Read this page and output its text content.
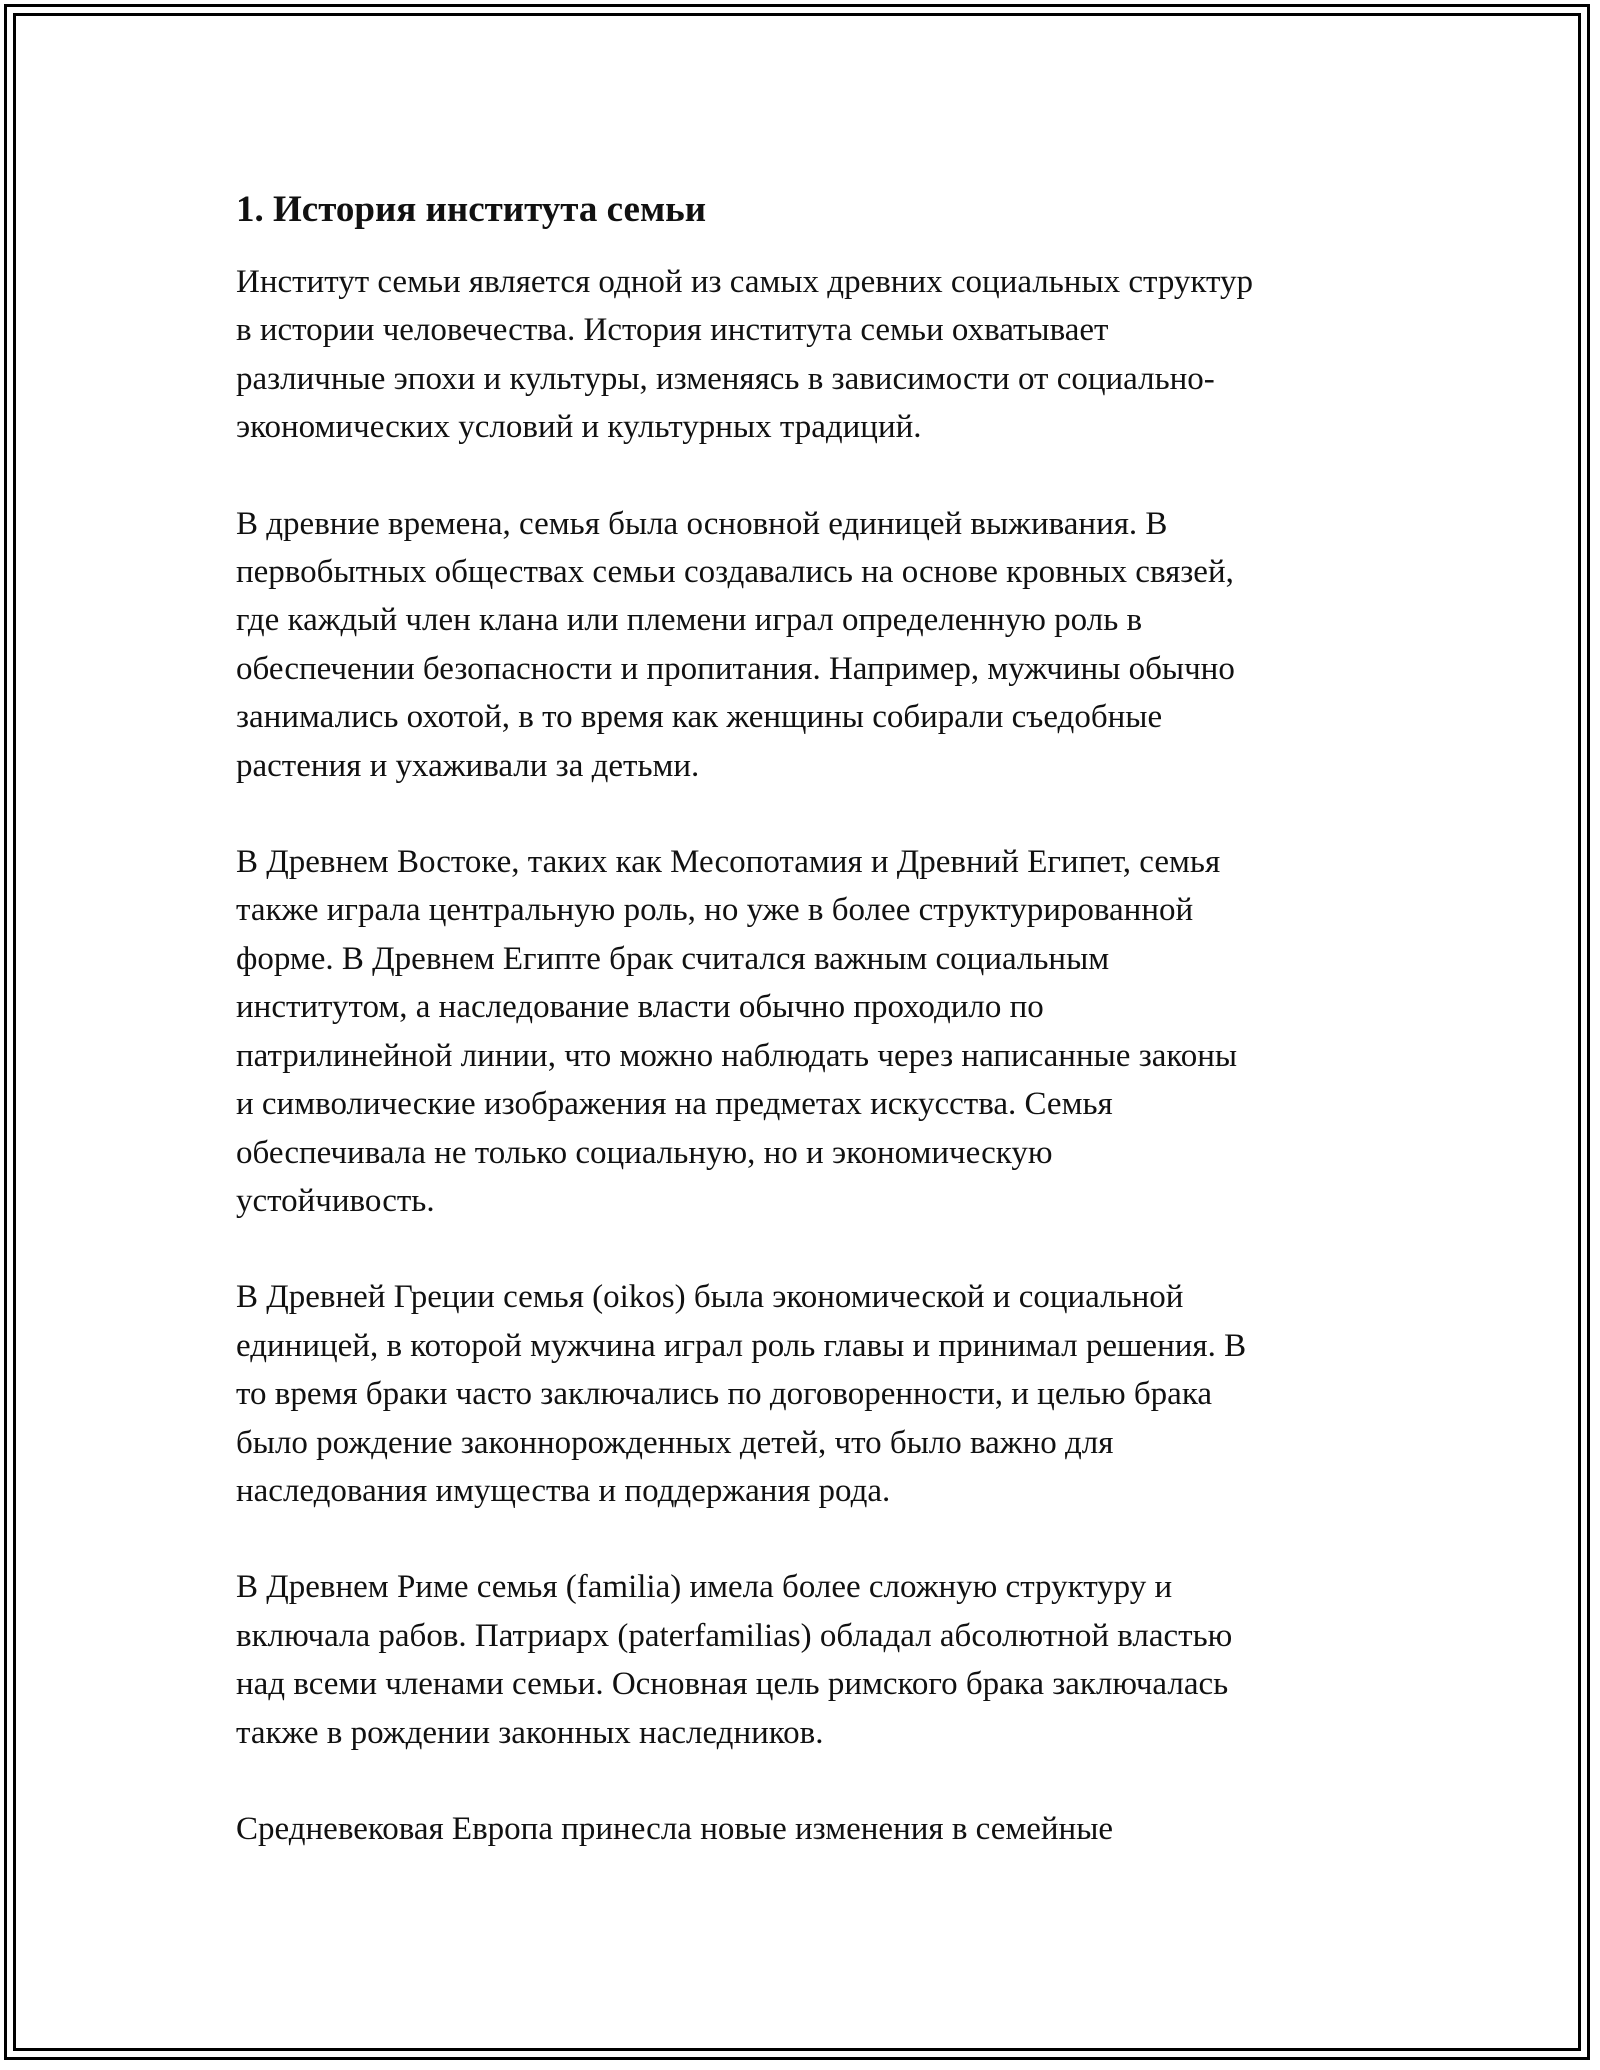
1. История института семьи
Институт семьи является одной из самых древних социальных структур
в истории человечества. История института семьи охватывает
различные эпохи и культуры, изменяясь в зависимости от социально-
экономических условий и культурных традиций.
В древние времена, семья была основной единицей выживания. В
первобытных обществах семьи создавались на основе кровных связей,
где каждый член клана или племени играл определенную роль в
обеспечении безопасности и пропитания. Например, мужчины обычно
занимались охотой, в то время как женщины собирали съедобные
растения и ухаживали за детьми.
В Древнем Востоке, таких как Месопотамия и Древний Египет, семья
также играла центральную роль, но уже в более структурированной
форме. В Древнем Египте брак считался важным социальным
институтом, а наследование власти обычно проходило по
патрилинейной линии, что можно наблюдать через написанные законы
и символические изображения на предметах искусства. Семья
обеспечивала не только социальную, но и экономическую
устойчивость.
В Древней Греции семья (oikos) была экономической и социальной
единицей, в которой мужчина играл роль главы и принимал решения. В
то время браки часто заключались по договоренности, и целью брака
было рождение законнорожденных детей, что было важно для
наследования имущества и поддержания рода.
В Древнем Риме семья (familia) имела более сложную структуру и
включала рабов. Патриарх (paterfamilias) обладал абсолютной властью
над всеми членами семьи. Основная цель римского брака заключалась
также в рождении законных наследников.
Средневековая Европа принесла новые изменения в семейные
